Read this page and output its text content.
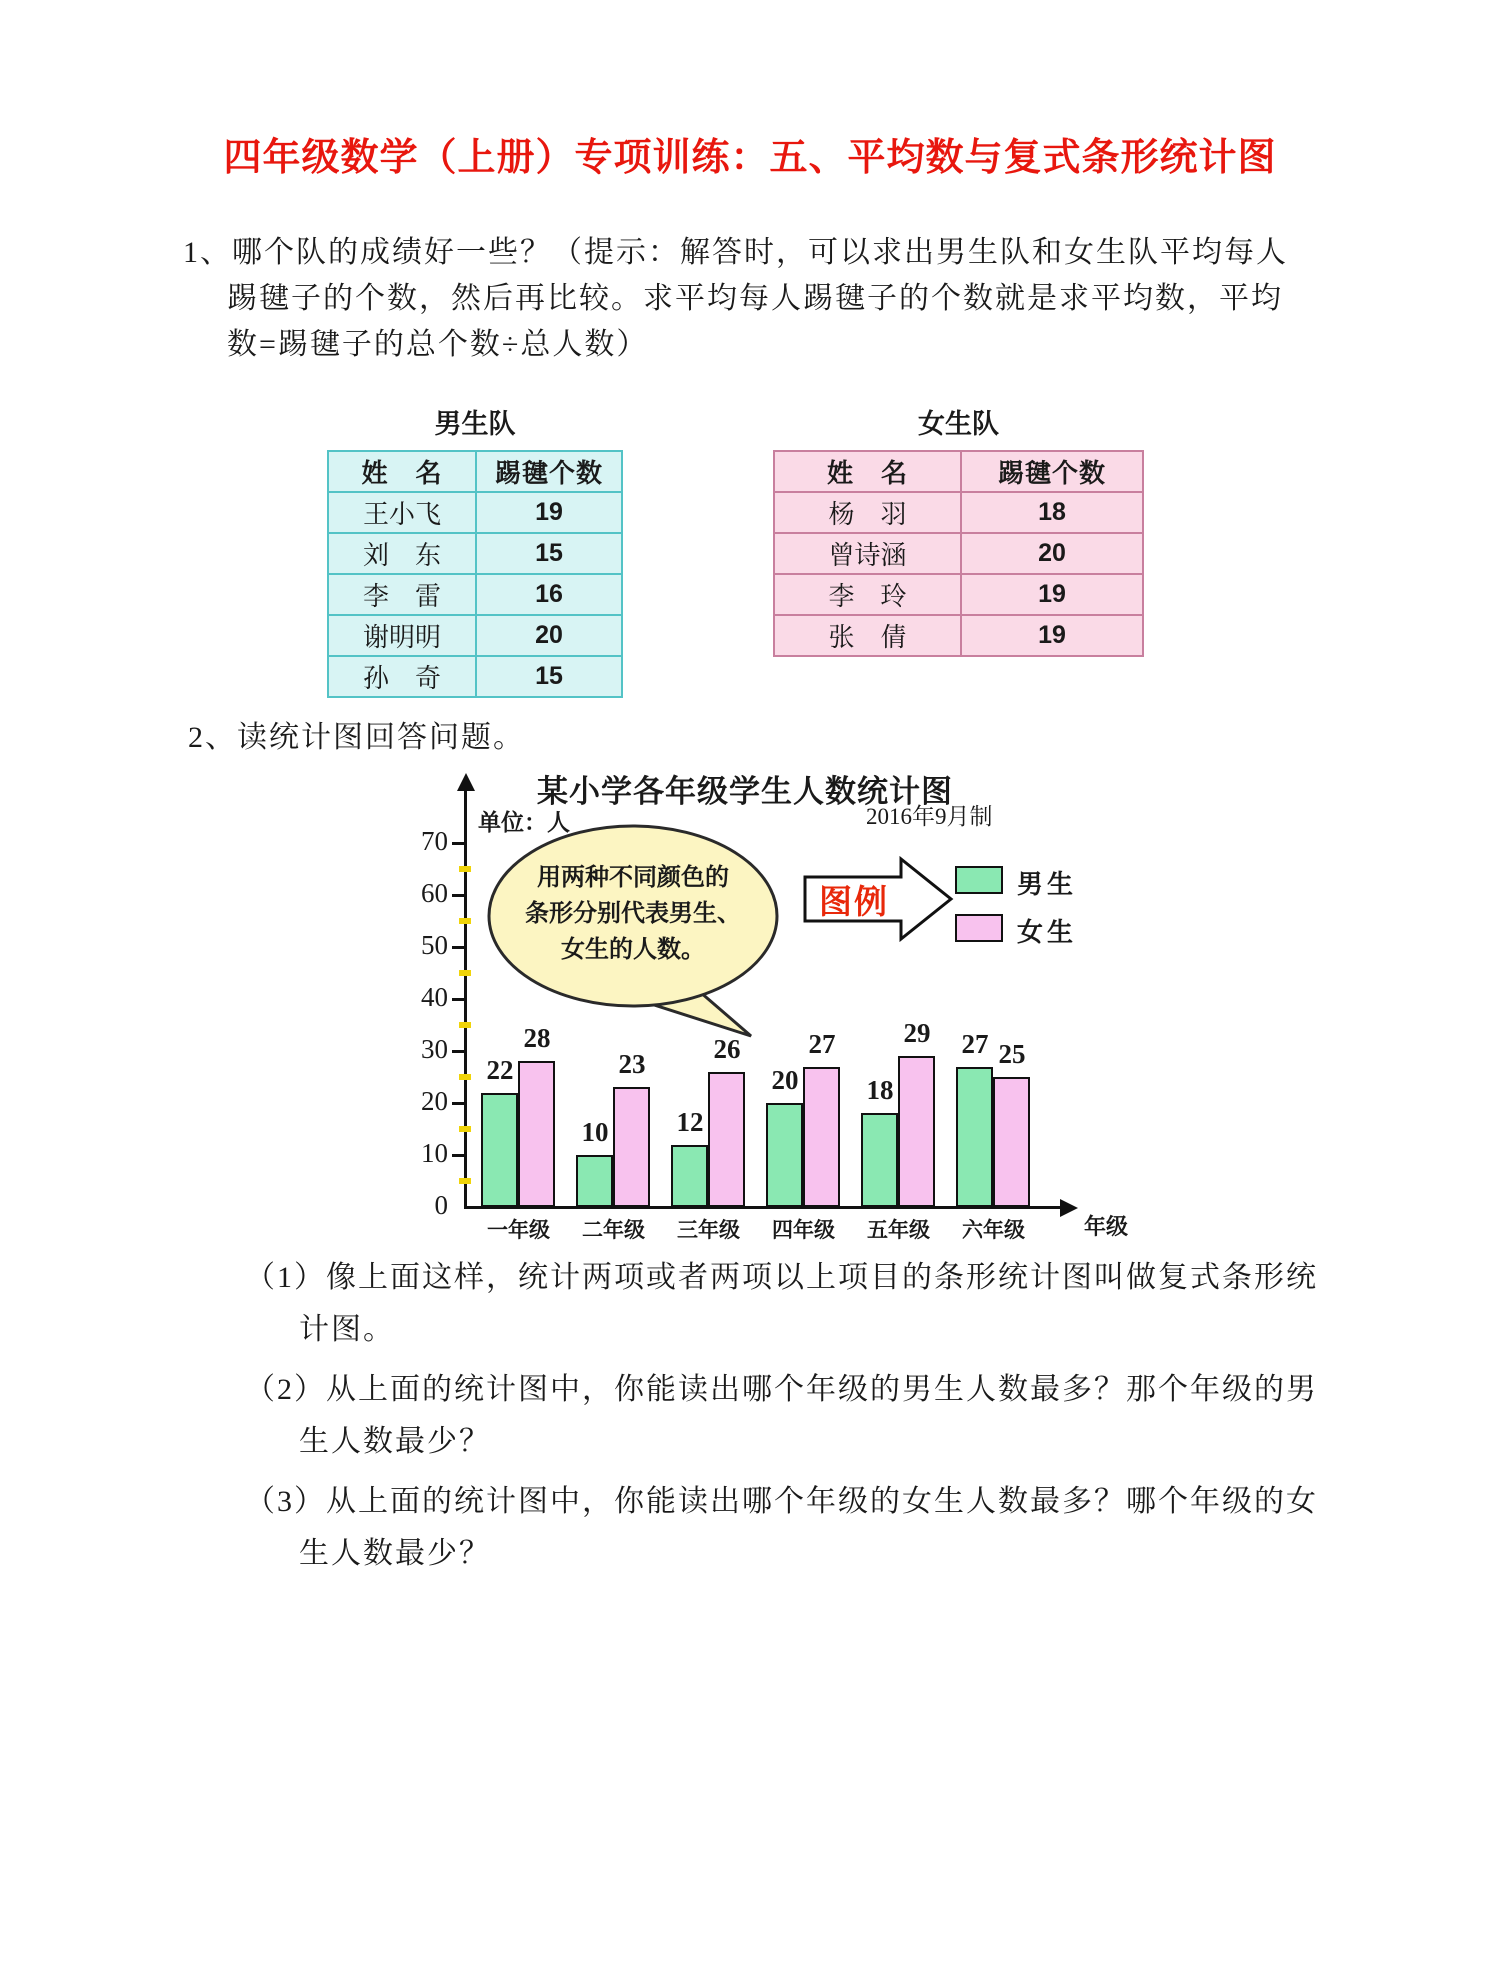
四年级数学（上册）专项训练：五、平均数与复式条形统计图
1、哪个队的成绩好一些？（提示：解答时，可以求出男生队和女生队平均每人
踢毽子的个数，然后再比较。求平均每人踢毽子的个数就是求平均数，平均
数=踢毽子的总个数÷总人数）
男生队	女生队
姓　名	踢毽个数
王小飞	19
刘　东	15
李　雷	16
谢明明	20
孙　奇	15
姓　名	踢毽个数
杨　羽	18
曾诗涵	20
李　玲	19
张　倩	19
2、读统计图回答问题。
某小学各年级学生人数统计图
单位：人	2016年9月制
年级
0
10
20
30
40
50
60
70
22
28
一年级
10
23
二年级
12
26
三年级
20
27
四年级
18
29
五年级
27 25
六年级
用两种不同颜色的
条形分别代表男生、
女生的人数。
图例
男生
女生
（1）像上面这样，统计两项或者两项以上项目的条形统计图叫做复式条形统
计图。
（2）从上面的统计图中，你能读出哪个年级的男生人数最多？那个年级的男
生人数最少？
（3）从上面的统计图中，你能读出哪个年级的女生人数最多？哪个年级的女
生人数最少？
